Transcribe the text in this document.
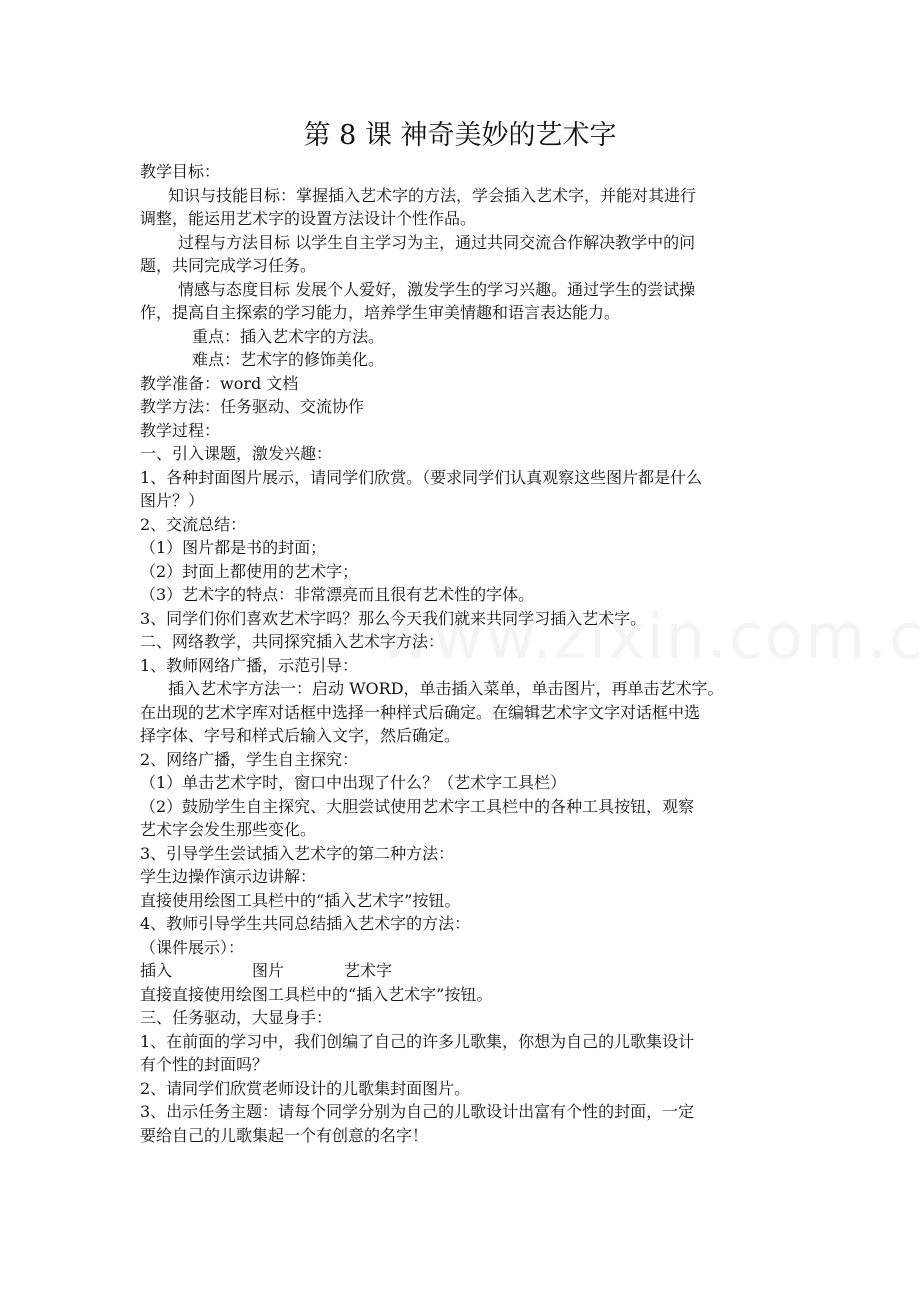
第 8 课 神奇美妙的艺术字
教学目标：
知识与技能目标：掌握插入艺术字的方法，学会插入艺术字，并能对其进行
调整，能运用艺术字的设置方法设计个性作品。
过程与方法目标 以学生自主学习为主，通过共同交流合作解决教学中的问
题，共同完成学习任务。
情感与态度目标 发展个人爱好，激发学生的学习兴趣。通过学生的尝试操
作，提高自主探索的学习能力，培养学生审美情趣和语言表达能力。
重点：插入艺术字的方法。
难点：艺术字的修饰美化。
教学准备：word 文档
教学方法：任务驱动、交流协作
教学过程：
一、引入课题，激发兴趣：
1、各种封面图片展示，请同学们欣赏。（要求同学们认真观察这些图片都是什么
图片？）
2、交流总结：
（1）图片都是书的封面；
（2）封面上都使用的艺术字；
（3）艺术字的特点：非常漂亮而且很有艺术性的字体。
3、同学们你们喜欢艺术字吗？那么今天我们就来共同学习插入艺术字。
二、网络教学，共同探究插入艺术字方法：
1、教师网络广播，示范引导：
插入艺术字方法一：启动 WORD，单击插入菜单，单击图片，再单击艺术字。
在出现的艺术字库对话框中选择一种样式后确定。在编辑艺术字文字对话框中选
择字体、字号和样式后输入文字，然后确定。
2、网络广播，学生自主探究：
（1）单击艺术字时，窗口中出现了什么？（艺术字工具栏）
（2）鼓励学生自主探究、大胆尝试使用艺术字工具栏中的各种工具按钮，观察
艺术字会发生那些变化。
3、引导学生尝试插入艺术字的第二种方法：
学生边操作演示边讲解：
直接使用绘图工具栏中的“插入艺术字”按钮。
4、教师引导学生共同总结插入艺术字的方法：
（课件展示）：
插入	图片	艺术字
直接直接使用绘图工具栏中的“插入艺术字”按钮。
三、任务驱动，大显身手：
1、在前面的学习中，我们创编了自己的许多儿歌集，你想为自己的儿歌集设计
有个性的封面吗？
2、请同学们欣赏老师设计的儿歌集封面图片。
3、出示任务主题：请每个同学分别为自己的儿歌设计出富有个性的封面，一定
要给自己的儿歌集起一个有创意的名字！
